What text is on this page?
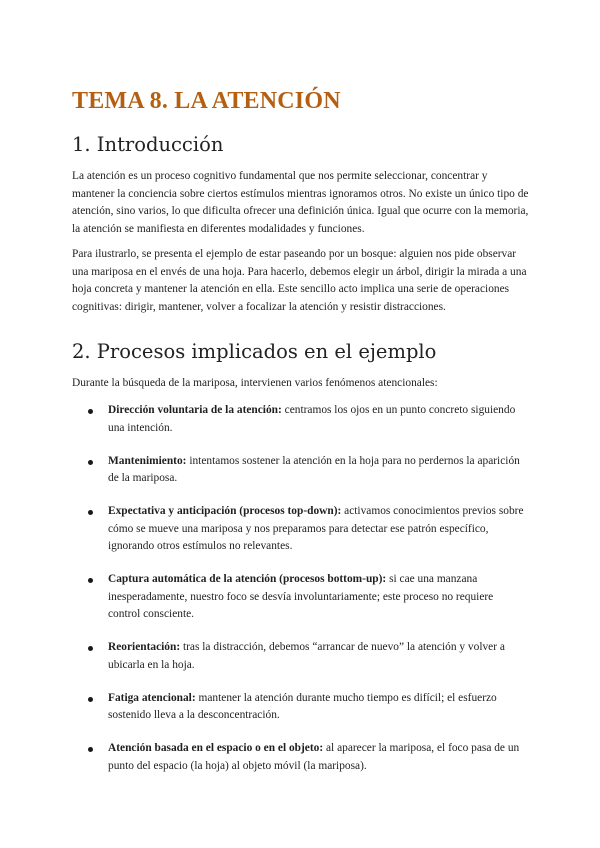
TEMA 8. LA ATENCIÓN
1. Introducción

La atención es un proceso cognitivo fundamental que nos permite seleccionar, concentrar y mantener la conciencia sobre ciertos estímulos mientras ignoramos otros. No existe un único tipo de atención, sino varios, lo que dificulta ofrecer una definición única. Igual que ocurre con la memoria, la atención se manifiesta en diferentes modalidades y funciones.

Para ilustrarlo, se presenta el ejemplo de estar paseando por un bosque: alguien nos pide observar una mariposa en el envés de una hoja. Para hacerlo, debemos elegir un árbol, dirigir la mirada a una hoja concreta y mantener la atención en ella. Este sencillo acto implica una serie de operaciones cognitivas: dirigir, mantener, volver a focalizar la atención y resistir distracciones.

2. Procesos implicados en el ejemplo

Durante la búsqueda de la mariposa, intervienen varios fenómenos atencionales:

Dirección voluntaria de la atención: centramos los ojos en un punto concreto siguiendo una intención.
Mantenimiento: intentamos sostener la atención en la hoja para no perdernos la aparición de la mariposa.
Expectativa y anticipación (procesos top-down): activamos conocimientos previos sobre cómo se mueve una mariposa y nos preparamos para detectar ese patrón específico, ignorando otros estímulos no relevantes.
Captura automática de la atención (procesos bottom-up): si cae una manzana inesperadamente, nuestro foco se desvía involuntariamente; este proceso no requiere control consciente.
Reorientación: tras la distracción, debemos “arrancar de nuevo” la atención y volver a ubicarla en la hoja.
Fatiga atencional: mantener la atención durante mucho tiempo es difícil; el esfuerzo sostenido lleva a la desconcentración.
Atención basada en el espacio o en el objeto: al aparecer la mariposa, el foco pasa de un punto del espacio (la hoja) al objeto móvil (la mariposa).
